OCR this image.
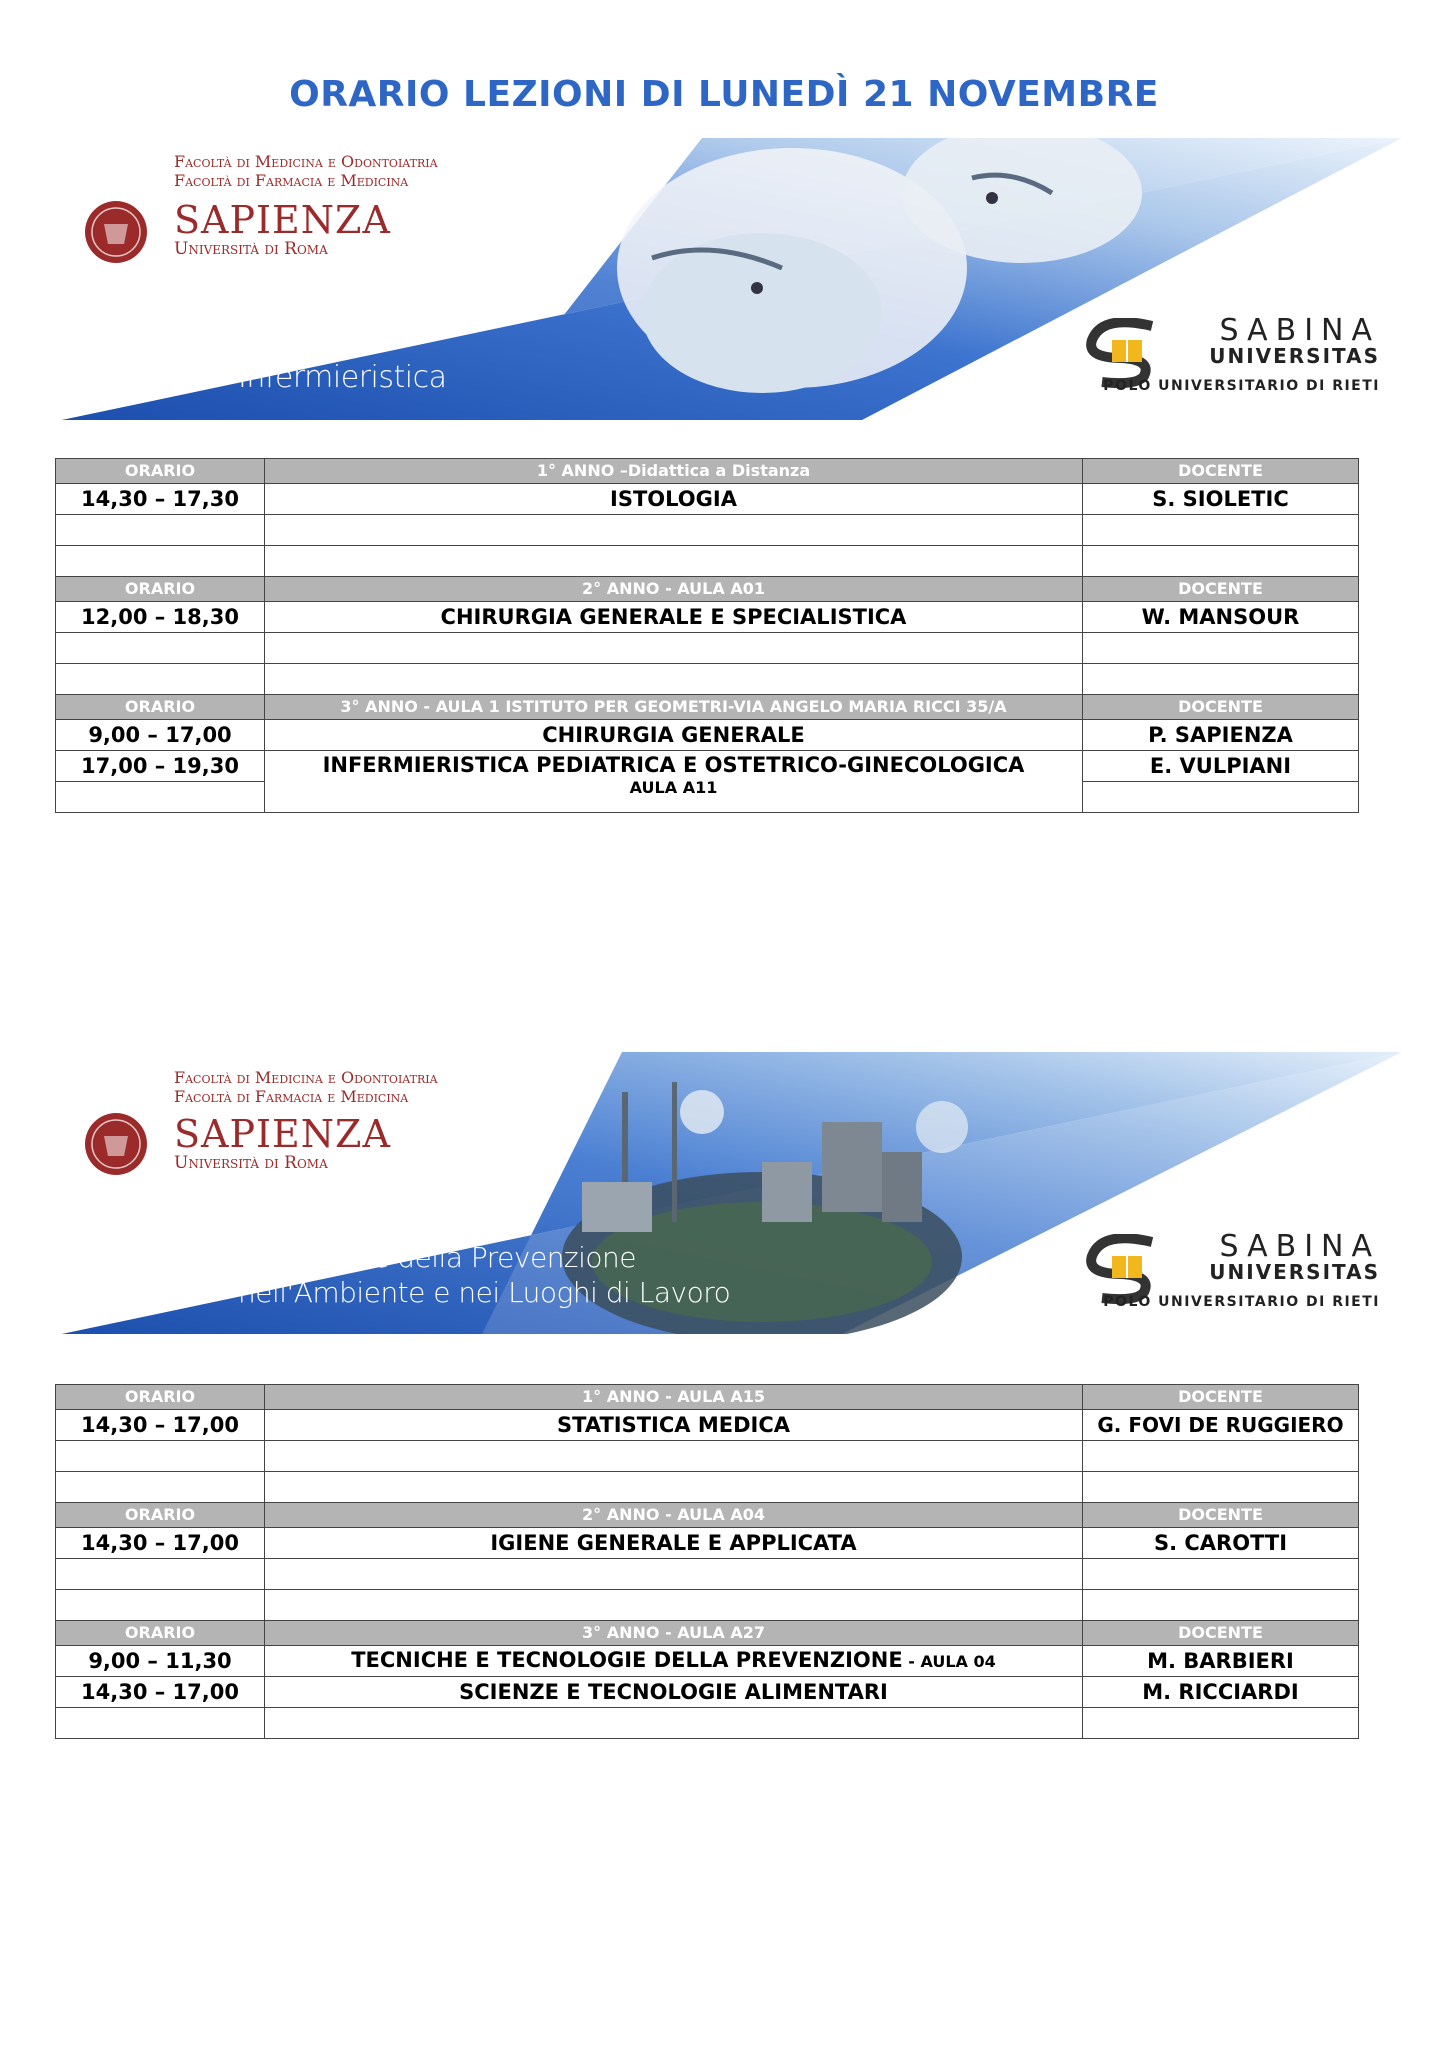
ORARIO LEZIONI DI LUNEDÌ 21 NOVEMBRE
Facoltà di Medicina e Odontoiatria
Facoltà di Farmacia e Medicina
SAPIENZA
Università di Roma
Infermieristica
SABINA
UNIVERSITAS
POLO UNIVERSITARIO DI RIETI
ORARIO	1° ANNO –Didattica a Distanza	DOCENTE
14,30 – 17,30	ISTOLOGIA	S. SIOLETIC

ORARIO	2° ANNO - AULA A01	DOCENTE
12,00 – 18,30	CHIRURGIA GENERALE E SPECIALISTICA	W. MANSOUR

ORARIO	3° ANNO - AULA 1 ISTITUTO PER GEOMETRI-VIA ANGELO MARIA RICCI 35/A	DOCENTE
9,00 – 17,00	CHIRURGIA GENERALE	P. SAPIENZA
17,00 – 19,30	INFERMIERISTICA PEDIATRICA E OSTETRICO-GINECOLOGICA
AULA A11	E. VULPIANI

Facoltà di Medicina e Odontoiatria
Facoltà di Farmacia e Medicina
SAPIENZA
Università di Roma
Tecniche della Prevenzione
nell'Ambiente e nei Luoghi di Lavoro
SABINA
UNIVERSITAS
POLO UNIVERSITARIO DI RIETI
ORARIO	1° ANNO - AULA A15	DOCENTE
14,30 – 17,00	STATISTICA MEDICA	G. FOVI DE RUGGIERO

ORARIO	2° ANNO - AULA A04	DOCENTE
14,30 – 17,00	IGIENE GENERALE E APPLICATA	S. CAROTTI

ORARIO	3° ANNO - AULA A27	DOCENTE
9,00 – 11,30	TECNICHE E TECNOLOGIE DELLA PREVENZIONE - AULA 04	M. BARBIERI
14,30 – 17,00	SCIENZE E TECNOLOGIE ALIMENTARI	M. RICCIARDI
